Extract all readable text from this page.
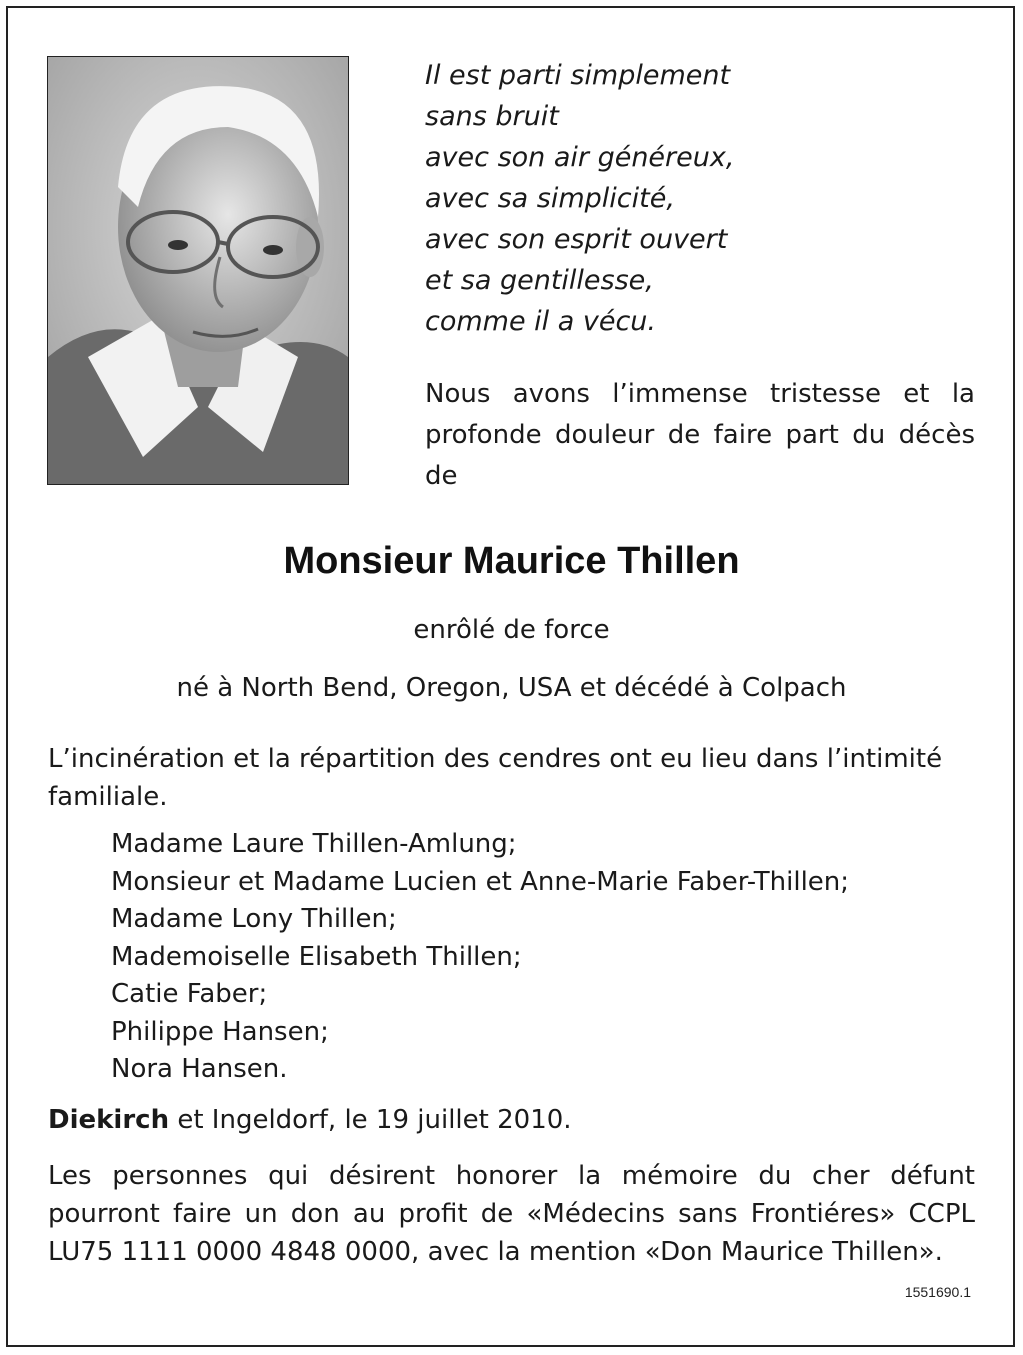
Il est parti simplement
sans bruit
avec son air généreux,
avec sa simplicité,
avec son esprit ouvert
et sa gentillesse,
comme il a vécu.
Nous avons l’immense tristesse et la profonde douleur de faire part du décès de
Monsieur Maurice Thillen
enrôlé de force
né à North Bend, Oregon, USA et décédé à Colpach
L’incinération et la répartition des cendres ont eu lieu dans l’intimité familiale.
Madame Laure Thillen-Amlung;
Monsieur et Madame Lucien et Anne-Marie Faber-Thillen;
Madame Lony Thillen;
Mademoiselle Elisabeth Thillen;
Catie Faber;
Philippe Hansen;
Nora Hansen.
Diekirch et Ingeldorf, le 19 juillet 2010.
Les personnes qui désirent honorer la mémoire du cher défunt pourront faire un don au profit de «Médecins sans Frontiéres» CCPL LU75 1111 0000 4848 0000, avec la mention «Don Maurice Thillen».
1551690.1
